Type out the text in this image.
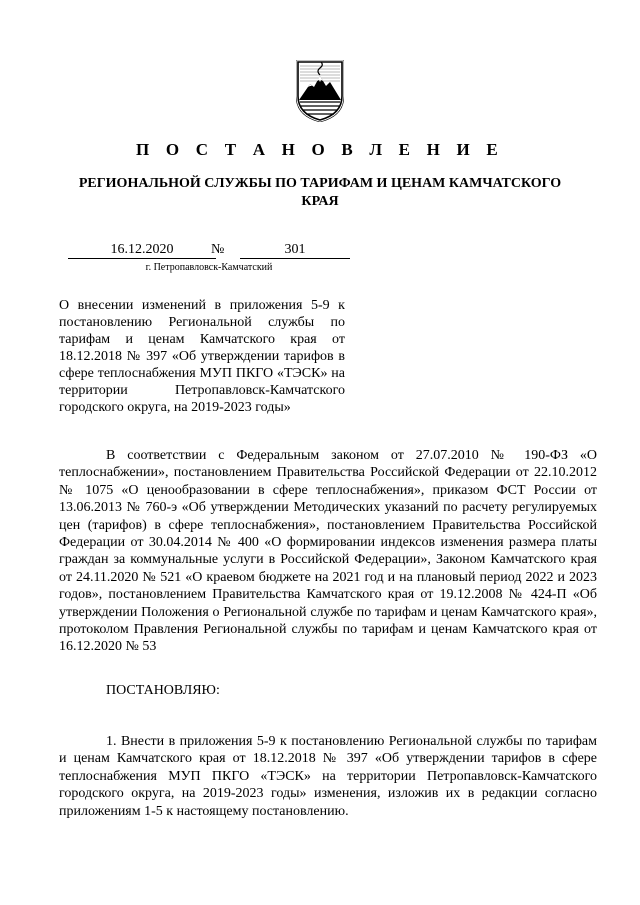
П О С Т А Н О В Л Е Н И Е

РЕГИОНАЛЬНОЙ СЛУЖБЫ ПО ТАРИФАМ И ЦЕНАМ КАМЧАТСКОГО КРАЯ

16.12.2020	№	301
г. Петропавловск-Камчатский

О внесении изменений в приложения 5-9 к постановлению Региональной службы по тарифам и ценам Камчатского края от 18.12.2018 № 397 «Об утверждении тарифов в сфере теплоснабжения МУП ПКГО «ТЭСК» на территории Петропавловск-Камчатского городского округа, на 2019-2023 годы»

В соответствии с Федеральным законом от 27.07.2010 № 190-ФЗ «О теплоснабжении», постановлением Правительства Российской Федерации от 22.10.2012 № 1075 «О ценообразовании в сфере теплоснабжения», приказом ФСТ России от 13.06.2013 № 760-э «Об утверждении Методических указаний по расчету регулируемых цен (тарифов) в сфере теплоснабжения», постановлением Правительства Российской Федерации от 30.04.2014 № 400 «О формировании индексов изменения размера платы граждан за коммунальные услуги в Российской Федерации», Законом Камчатского края от 24.11.2020 № 521 «О краевом бюджете на 2021 год и на плановый период 2022 и 2023 годов», постановлением Правительства Камчатского края от 19.12.2008 № 424-П «Об утверждении Положения о Региональной службе по тарифам и ценам Камчатского края», протоколом Правления Региональной службы по тарифам и ценам Камчатского края от 16.12.2020 № 53

ПОСТАНОВЛЯЮ:

1. Внести в приложения 5-9 к постановлению Региональной службы по тарифам и ценам Камчатского края от 18.12.2018 № 397 «Об утверждении тарифов в сфере теплоснабжения МУП ПКГО «ТЭСК» на территории Петропавловск-Камчатского городского округа, на 2019-2023 годы» изменения, изложив их в редакции согласно приложениям 1-5 к настоящему постановлению.
